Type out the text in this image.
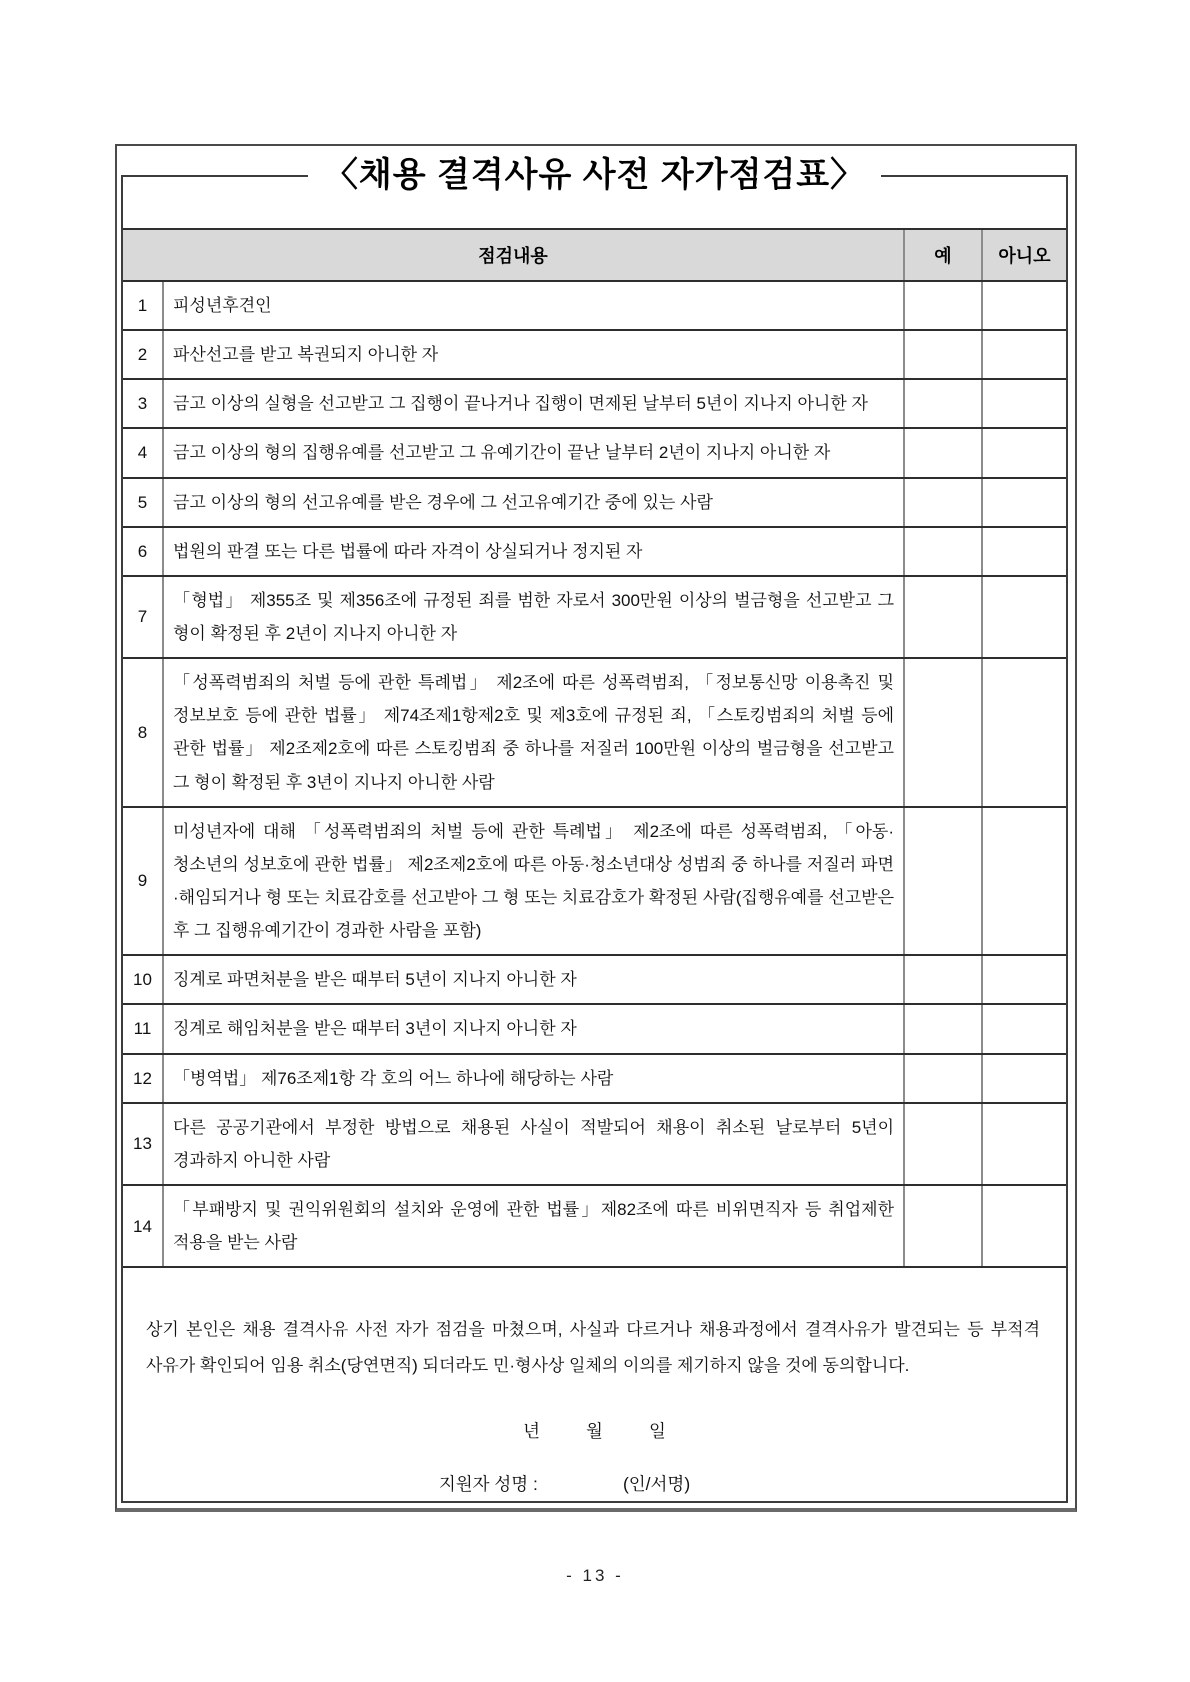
〈채용 결격사유 사전 자가점검표〉
점검내용		예	아니오
1	피성년후견인		
2	파산선고를 받고 복권되지 아니한 자		
3	금고 이상의 실형을 선고받고 그 집행이 끝나거나 집행이 면제된 날부터 5년이 지나지 아니한 자		
4	금고 이상의 형의 집행유예를 선고받고 그 유예기간이 끝난 날부터 2년이 지나지 아니한 자		
5	금고 이상의 형의 선고유예를 받은 경우에 그 선고유예기간 중에 있는 사람		
6	법원의 판결 또는 다른 법률에 따라 자격이 상실되거나 정지된 자		
7	「형법」 제355조 및 제356조에 규정된 죄를 범한 자로서 300만원 이상의 벌금형을 선고받고 그 형이 확정된 후 2년이 지나지 아니한 자		
8	「성폭력범죄의 처벌 등에 관한 특례법」 제2조에 따른 성폭력범죄, 「정보통신망 이용촉진 및 정보보호 등에 관한 법률」 제74조제1항제2호 및 제3호에 규정된 죄, 「스토킹범죄의 처벌 등에 관한 법률」 제2조제2호에 따른 스토킹범죄 중 하나를 저질러 100만원 이상의 벌금형을 선고받고 그 형이 확정된 후 3년이 지나지 아니한 사람		
9	미성년자에 대해 「성폭력범죄의 처벌 등에 관한 특례법」 제2조에 따른 성폭력범죄, 「아동·청소년의 성보호에 관한 법률」 제2조제2호에 따른 아동·청소년대상 성범죄 중 하나를 저질러 파면·해임되거나 형 또는 치료감호를 선고받아 그 형 또는 치료감호가 확정된 사람(집행유예를 선고받은 후 그 집행유예기간이 경과한 사람을 포함)		
10	징계로 파면처분을 받은 때부터 5년이 지나지 아니한 자		
11	징계로 해임처분을 받은 때부터 3년이 지나지 아니한 자		
12	「병역법」 제76조제1항 각 호의 어느 하나에 해당하는 사람		
13	다른 공공기관에서 부정한 방법으로 채용된 사실이 적발되어 채용이 취소된 날로부터 5년이 경과하지 아니한 사람		
14	「부패방지 및 권익위원회의 설치와 운영에 관한 법률」제82조에 따른 비위면직자 등 취업제한 적용을 받는 사람		

상기 본인은 채용 결격사유 사전 자가 점검을 마쳤으며, 사실과 다르거나 채용과정에서 결격사유가 발견되는 등 부적격 사유가 확인되어 임용 취소(당연면직) 되더라도 민·형사상 일체의 이의를 제기하지 않을 것에 동의합니다.

년	월	일
지원자 성명 :	(인/서명)
- 13 -
